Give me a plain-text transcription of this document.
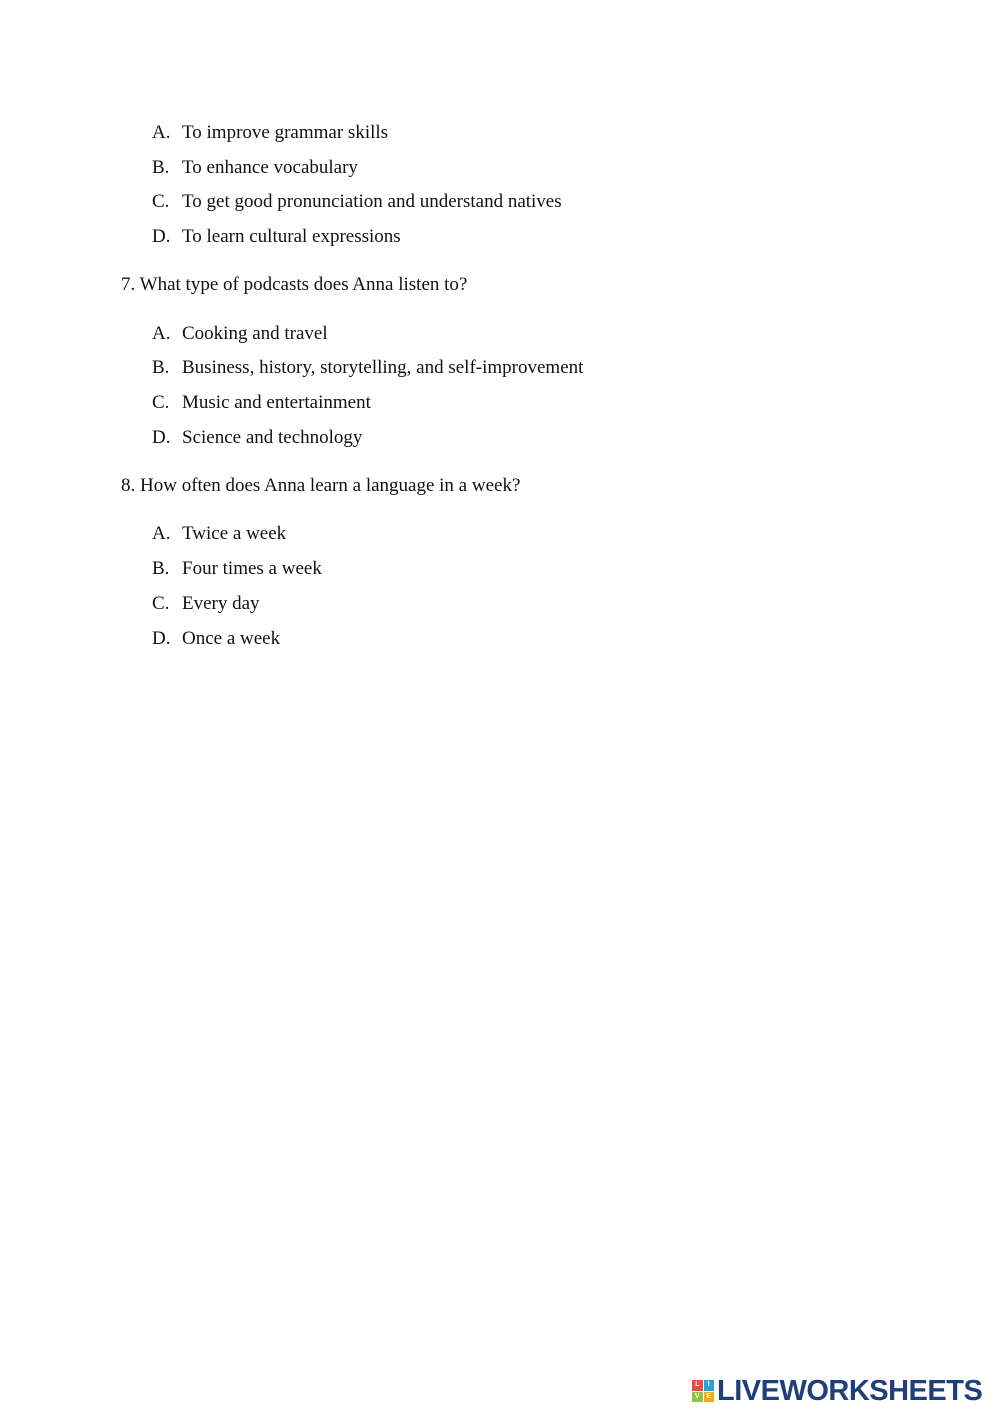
A. To improve grammar skills
B. To enhance vocabulary
C. To get good pronunciation and understand natives
D. To learn cultural expressions
7. What type of podcasts does Anna listen to?
A. Cooking and travel
B. Business, history, storytelling, and self-improvement
C. Music and entertainment
D. Science and technology
8. How often does Anna learn a language in a week?
A. Twice a week
B. Four times a week
C. Every day
D. Once a week
L	I
V E LIVEWORKSHEETS
